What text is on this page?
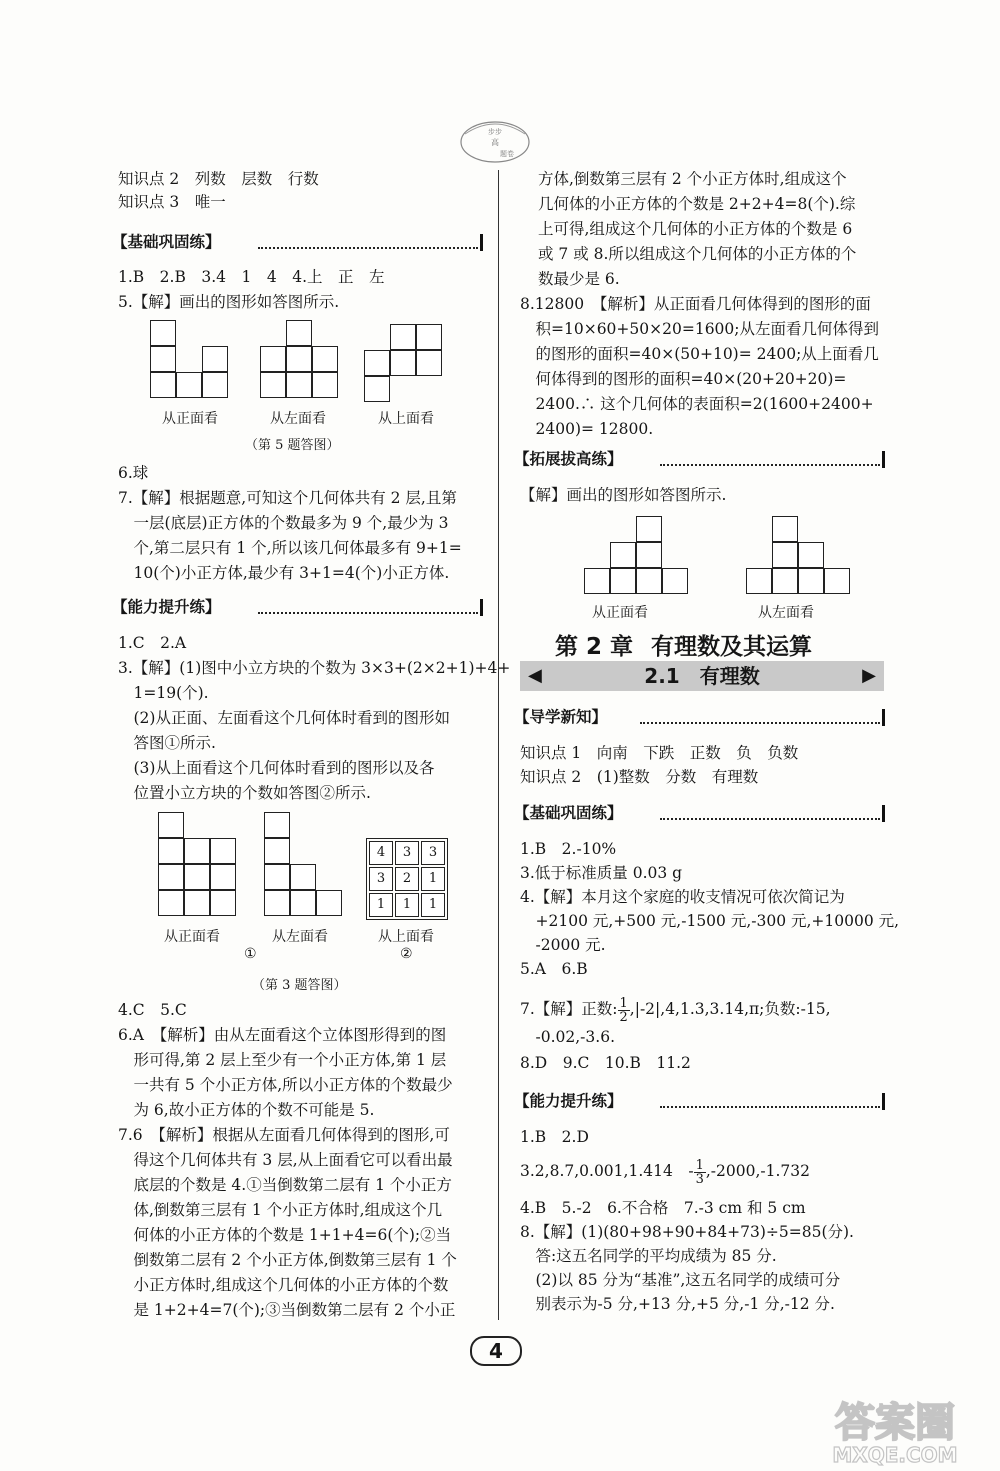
步步
高
题卷
知识点 2　列数　层数　行数
知识点 3　唯一
【基础巩固练】
1.B　2.B　3.4　1　4　4.上　正　左
5.【解】画出的图形如答图所示.
从正面看	从左面看	从上面看
（第 5 题答图）
6.球
7.【解】根据题意,可知这个几何体共有 2 层,且第
　一层(底层)正方体的个数最多为 9 个,最少为 3
　个,第二层只有 1 个,所以该几何体最多有 9+1=
　10(个)小正方体,最少有 3+1=4(个)小正方体.
【能力提升练】
1.C　2.A
3.【解】(1)图中小立方块的个数为 3×3+(2×2+1)+4+
　1=19(个).
　(2)从正面、左面看这个几何体时看到的图形如
　答图①所示.
　(3)从上面看这个几何体时看到的图形以及各
　位置小立方块的个数如答图②所示.
4	3	3
3	2	1
1	1	1
从正面看	从左面看	从上面看
①	②
（第 3 题答图）
4.C　5.C
6.A　【解析】由从左面看这个立体图形得到的图
　形可得,第 2 层上至少有一个小正方体,第 1 层
　一共有 5 个小正方体,所以小正方体的个数最少
　为 6,故小正方体的个数不可能是 5.
7.6　【解析】根据从左面看几何体得到的图形,可
　得这个几何体共有 3 层,从上面看它可以看出最
　底层的个数是 4.①当倒数第二层有 1 个小正方
　体,倒数第三层有 1 个小正方体时,组成这个几
　何体的小正方体的个数是 1+1+4=6(个);②当
　倒数第二层有 2 个小正方体,倒数第三层有 1 个
　小正方体时,组成这个几何体的小正方体的个数
　是 1+2+4=7(个);③当倒数第二层有 2 个小正
方体,倒数第三层有 2 个小正方体时,组成这个
几何体的小正方体的个数是 2+2+4=8(个).综
上可得,组成这个几何体的小正方体的个数是 6
或 7 或 8.所以组成这个几何体的小正方体的个
数最少是 6.
8.12800　【解析】从正面看几何体得到的图形的面
　积=10×60+50×20=1600;从左面看几何体得到
　的图形的面积=40×(50+10)= 2400;从上面看几
　何体得到的图形的面积=40×(20+20+20)=
　2400.∴ 这个几何体的表面积=2(1600+2400+
　2400)= 12800.
【拓展拔高练】
【解】画出的图形如答图所示.
从正面看	从左面看
第 2 章 有理数及其运算
◀	2.1　 有理数	▶
【导学新知】
知识点 1　向南　下跌　正数　负　负数
知识点 2　(1)整数　分数　有理数
【基础巩固练】
1.B　2.-10%
3.低于标准质量 0.03 g
4.【解】本月这个家庭的收支情况可依次简记为
　+2100 元,+500 元,-1500 元,-300 元,+10000 元,
　-2000 元.
5.A　6.B
7.【解】正数: $\frac{1}{2} ,|-2|,4,1.3,3.14,\pi$;负数:-15,
　-0.02,-3.6.
8.D　9.C　10.B　11.2
【能力提升练】
1.B　2.D
3.2,8.7,0.001,1.414　- $\frac{1}{3} ,-2000,-1.732$
4.B　5.-2　6.不合格　7.-3 cm 和 5 cm
8.【解】(1)(80+98+90+84+73)÷5=85(分).
　答:这五名同学的平均成绩为 85 分.
　(2)以 85 分为“基准”,这五名同学的成绩可分
　别表示为-5 分,+13 分,+5 分,-1 分,-12 分.
4
答案圈
MXQE.COM
